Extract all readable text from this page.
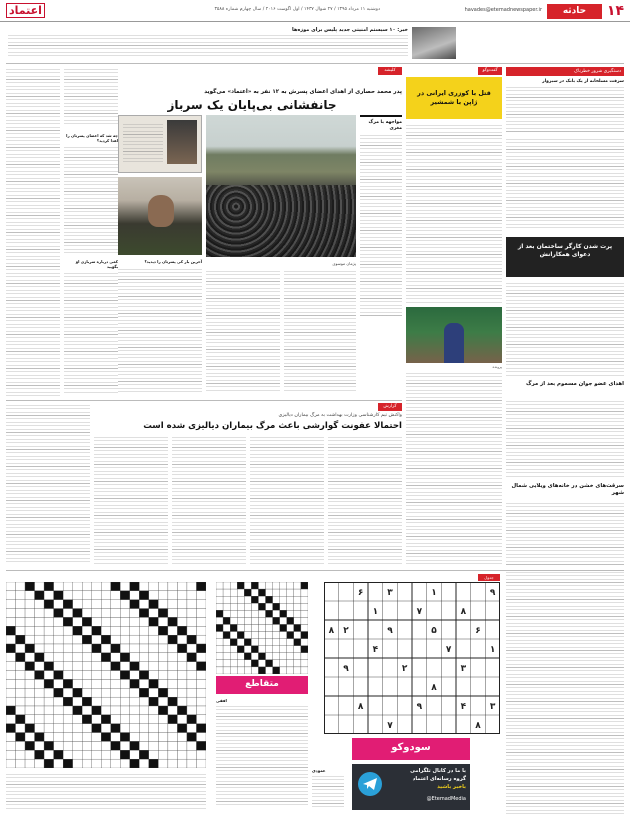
۱۴
حادثه
havades@etemadnewspaper.ir
دوشنبه ۱۱ مرداد ۱۳۹۵ / ۲۷ شوال ۱۴۳۷ / اول اگوست ۲۰۱۶ / سال چهارم شماره ۳۵۸۸
اعتماد
خبر: ۱۰ سیستم امنیتی جدید پلیس برای موزه‌ها
دستگیری شرور خطرناک
سرقت مسلحانه از یک بانک در سبزوار
پرت شدن کارگر ساختمان بعد از دعوای همکارانش
اهدای عضو جوان مسموم بعد از مرگ
سرقت‌های خشن در خانه‌های ویلایی شمال شهر
گفت‌وگو
قتل با کوزری ایرانی در ژاپن با شمشیر
پرونده
کلیشه
پدر محمد حصاری از اهدای اعضای پسرش به ۱۲ نفر به «اعتماد» می‌گوید
جانفشانی بی‌پایان یک سرباز
مواجهه با مرگ مغزی
پژمان موسوی
آخرین بار کی پسرتان را دیدید؟
چه شد که اعضای پسرتان را اهدا کردید؟
کمی درباره سربازی او بگویید
گزارش
واکنش تیم کارشناسی وزارت بهداشت به مرگ بیماران دیالیزی
احتمالا عفونت گوارشی باعث مرگ بیماران دیالیزی شده است
جدول
۹
۱
۳
۶
۸
۷
۱
۶
۵
۹
۲
۸
۱
۷
۴
۳
۲
۹
۸
۳
۴
۹
۸
۸
۷
سودوکو
با ما در کانال تلگرامی
گروه رسانه‌ای اعتماد
باخبر باشید
@EtemadMedia
متقاطع
افقی
عمودی
